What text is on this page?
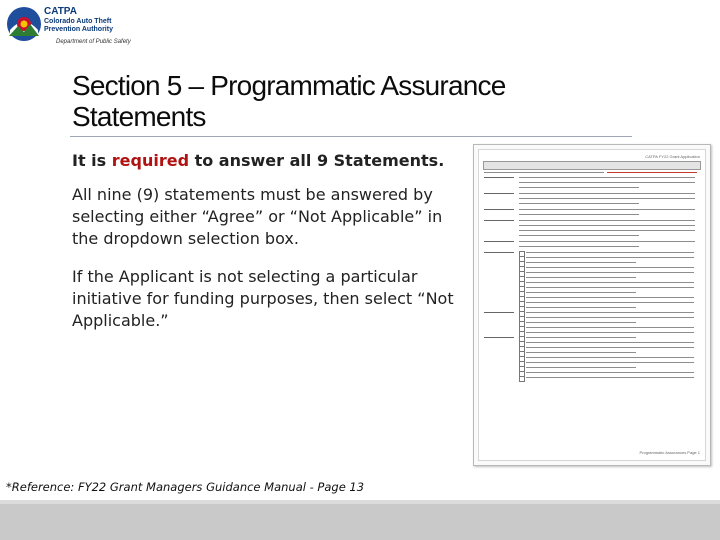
CATPA
Colorado Auto Theft Prevention Authority
Department of Public Safety
Section 5 – Programmatic Assurance Statements

It is required to answer all 9 Statements.

All nine (9) statements must be answered by selecting either “Agree” or “Not Applicable” in the dropdown selection box.

If the Applicant is not selecting a particular initiative for funding purposes, then select “Not Applicable.”

CATPA FY22 Grant Application
Programmatic Assurances Page 1
*Reference: FY22 Grant Managers Guidance Manual - Page 13
